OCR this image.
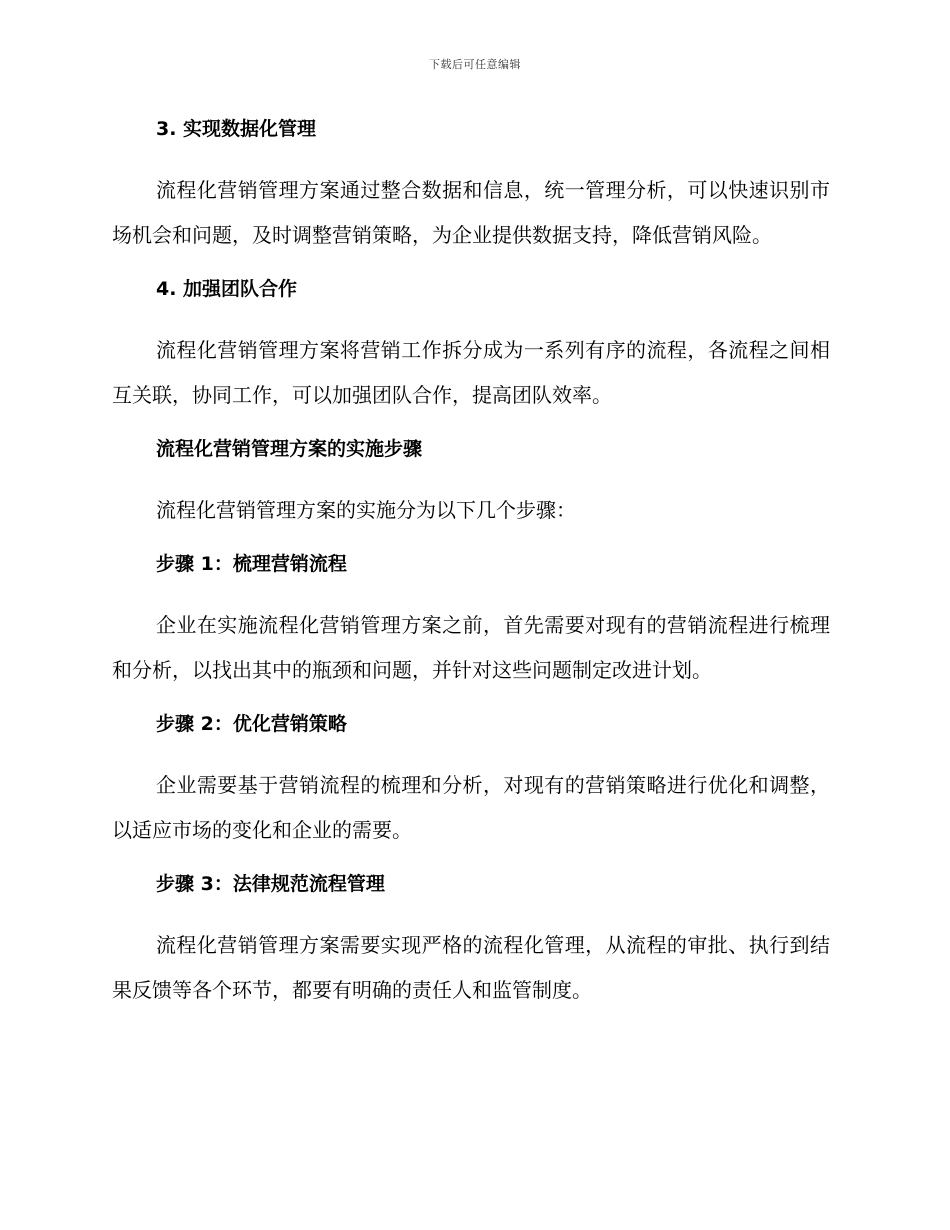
下载后可任意编辑
3. 实现数据化管理

流程化营销管理方案通过整合数据和信息，统一管理分析，可以快速识别市场机会和问题，及时调整营销策略，为企业提供数据支持，降低营销风险。

4. 加强团队合作

流程化营销管理方案将营销工作拆分成为一系列有序的流程，各流程之间相互关联，协同工作，可以加强团队合作，提高团队效率。

流程化营销管理方案的实施步骤

流程化营销管理方案的实施分为以下几个步骤：

步骤 1：梳理营销流程

企业在实施流程化营销管理方案之前，首先需要对现有的营销流程进行梳理和分析，以找出其中的瓶颈和问题，并针对这些问题制定改进计划。

步骤 2：优化营销策略

企业需要基于营销流程的梳理和分析，对现有的营销策略进行优化和调整，以适应市场的变化和企业的需要。

步骤 3：法律规范流程管理

流程化营销管理方案需要实现严格的流程化管理，从流程的审批、执行到结果反馈等各个环节，都要有明确的责任人和监管制度。
